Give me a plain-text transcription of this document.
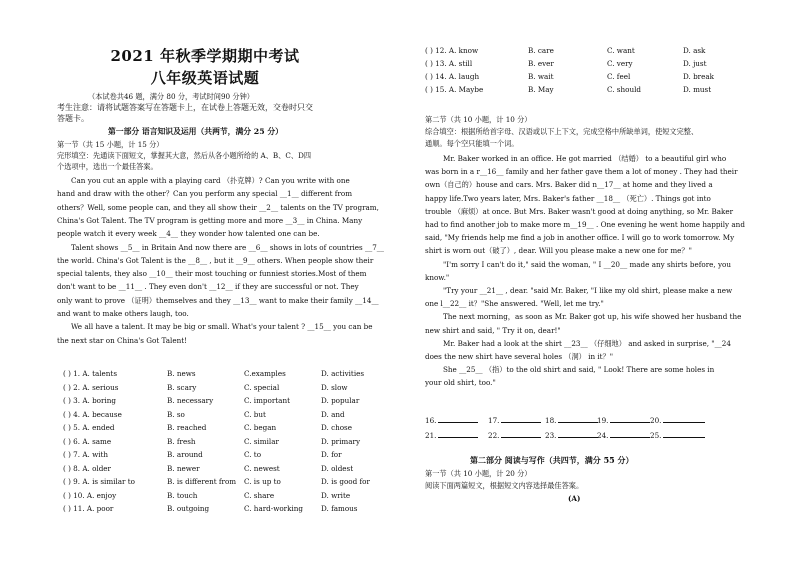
2021 年秋季学期期中考试
八年级英语试题
（本试卷共46 题，满分 80 分，考试时间90 分钟）
考生注意：请将试题答案写在答题卡上，在试卷上答题无效，交卷时只交
答题卡。
第一部分 语言知识及运用（共两节，满分 25 分）
第一节（共 15 小题，计 15 分）
完形填空：先通读下面短文，掌握其大意，然后从各小题所给的 A、B、C、D四
个选项中，选出一个最佳答案。
Can you cut an apple with a playing card （扑克牌）? Can you write with one
hand and draw with the other？Can you perform any special __1__ different from
others？Well, some people can, and they all show their __2__ talents on the TV program,
China's Got Talent. The TV program is getting more and more __3__ in China. Many
people watch it every week __4__ they wonder how talented one can be.
Talent shows __5__ in Britain And now there are __6__ shows in lots of countries __7__
the world. China's Got Talent is the __8__ , but it __9__ others. When people show their
special talents, they also __10__ their most touching or funniest stories.Most of them
don't want to be __11__ . They even don't __12__ if they are successful or not. They
only want to prove （证明）themselves and they __13__ want to make their family __14__
and want to make others laugh, too.
We all have a talent. It may be big or small. What's your talent ? __15__ you can be
the next star on China's Got Talent!
( ) 1. A. talents	B. news	C.examples	D. activities
( ) 2. A. serious	B. scary	C. special	D. slow
( ) 3. A. boring	B. necessary	C. important	D. popular
( ) 4. A. because	B. so	C. but	D. and
( ) 5. A. ended	B. reached	C. began	D. chose
( ) 6. A. same	B. fresh	C. similar	D. primary
( ) 7. A. with	B. around	C. to	D. for
( ) 8. A. older	B. newer	C. newest	D. oldest
( ) 9. A. is similar to	B. is different from C. is up to	D. is good for
( ) 10. A. enjoy	B. touch	C. share	D. write
( ) 11. A. poor	B. outgoing	C. hard-working	D. famous
( ) 12. A. know	B. care	C. want	D. ask
( ) 13. A. still	B. ever	C. very	D. just
( ) 14. A. laugh	B. wait	C. feel	D. break
( ) 15. A. Maybe	B. May	C. should	D. must
第二节（共 10 小题，计 10 分）
综合填空：根据所给首字母、汉语或以下上下文，完成空格中所缺单词，使短文完整、
通顺。每个空只能填一个词。
Mr. Baker worked in an office. He got married （结婚） to a beautiful girl who
was born in a r__16__ family and her father gave them a lot of money . They had their
own（自己的）house and cars. Mrs. Baker did n__17__ at home and they lived a
happy life.Two years later, Mrs. Baker's father __18__ （死亡）. Things got into
trouble （麻烦）at once. But Mrs. Baker wasn't good at doing anything, so Mr. Baker
had to find another job to make more m__19__ . One evening he went home happily and
said, "My friends help me find a job in another office. I will go to work tomorrow. My
shirt is worn out（破了）, dear. Will you please make a new one for me？"
"I'm sorry I can't do it," said the woman, " I __20__ made any shirts before, you
know."
"Try your __21__ , dear. "said Mr. Baker, "I like my old shirt, please make a new
one l__22__ it？"She answered. "Well, let me try."
The next morning，as soon as Mr. Baker got up, his wife showed her husband the
new shirt and said, " Try it on, dear!"
Mr. Baker had a look at the shirt __23__ （仔细地） and asked in surprise, "__24
does the new shirt have several holes （洞） in it？"
She __25__ （指）to the old shirt and said, " Look! There are some holes in
your old shirt, too."
16.	17.	18.	19.	20.
21.	22.	23.	24.	25.
第二部分 阅读与写作（共四节，满分 55 分）
第一节（共 10 小题，计 20 分）
阅读下面两篇短文，根据短文内容选择最佳答案。
(A)
